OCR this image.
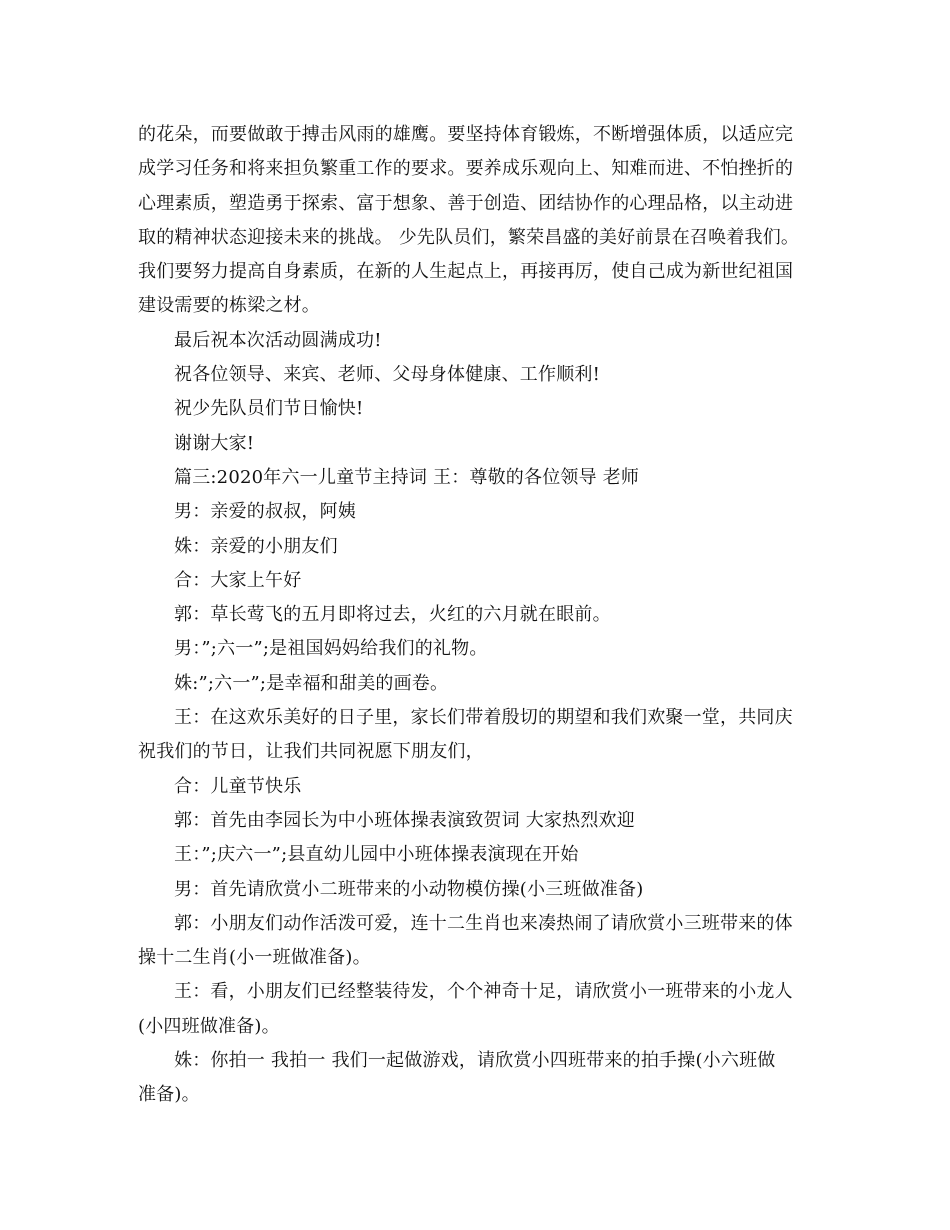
的花朵，而要做敢于搏击风雨的雄鹰。要坚持体育锻炼，不断增强体质，以适应完
成学习任务和将来担负繁重工作的要求。要养成乐观向上、知难而进、不怕挫折的
心理素质，塑造勇于探索、富于想象、善于创造、团结协作的心理品格，以主动进
取的精神状态迎接未来的挑战。 少先队员们，繁荣昌盛的美好前景在召唤着我们。
我们要努力提高自身素质，在新的人生起点上，再接再厉，使自己成为新世纪祖国
建设需要的栋梁之材。
最后祝本次活动圆满成功!
祝各位领导、来宾、老师、父母身体健康、工作顺利!
祝少先队员们节日愉快!
谢谢大家!
篇三:2020年六一儿童节主持词 王：尊敬的各位领导 老师
男：亲爱的叔叔，阿姨
姝：亲爱的小朋友们
合：大家上午好
郭：草长莺飞的五月即将过去，火红的六月就在眼前。
男：”;六一”;是祖国妈妈给我们的礼物。
姝:”;六一”;是幸福和甜美的画卷。
王：在这欢乐美好的日子里，家长们带着殷切的期望和我们欢聚一堂，共同庆
祝我们的节日，让我们共同祝愿下朋友们，
合：儿童节快乐
郭：首先由李园长为中小班体操表演致贺词 大家热烈欢迎
王：”;庆六一”;县直幼儿园中小班体操表演现在开始
男：首先请欣赏小二班带来的小动物模仿操(小三班做准备)
郭：小朋友们动作活泼可爱，连十二生肖也来凑热闹了请欣赏小三班带来的体
操十二生肖(小一班做准备)。
王：看，小朋友们已经整装待发，个个神奇十足，请欣赏小一班带来的小龙人
(小四班做准备)。
姝：你拍一 我拍一 我们一起做游戏，请欣赏小四班带来的拍手操(小六班做
准备)。
